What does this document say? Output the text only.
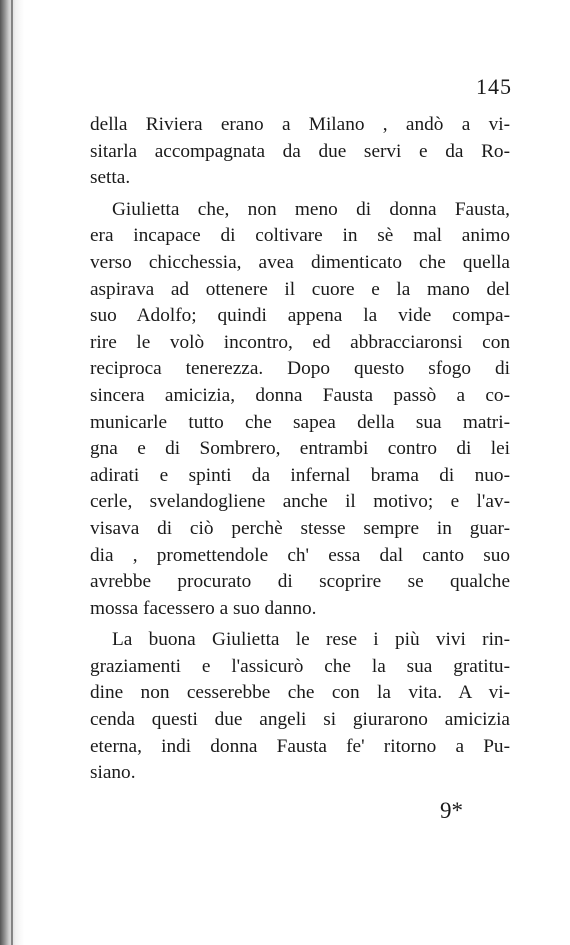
145
della Riviera erano a Milano , andò a vi-
sitarla accompagnata da due servi e da Ro-
setta.
Giulietta che, non meno di donna Fausta,
era incapace di coltivare in sè mal animo
verso chicchessia, avea dimenticato che quella
aspirava ad ottenere il cuore e la mano del
suo Adolfo; quindi appena la vide compa-
rire le volò incontro, ed abbracciaronsi con
reciproca tenerezza. Dopo questo sfogo di
sincera amicizia, donna Fausta passò a co-
municarle tutto che sapea della sua matri-
gna e di Sombrero, entrambi contro di lei
adirati e spinti da infernal brama di nuo-
cerle, svelandogliene anche il motivo; e l'av-
visava di ciò perchè stesse sempre in guar-
dia , promettendole ch' essa dal canto suo
avrebbe procurato di scoprire se qualche
mossa facessero a suo danno.
La buona Giulietta le rese i più vivi rin-
graziamenti e l'assicurò che la sua gratitu-
dine non cesserebbe che con la vita. A vi-
cenda questi due angeli si giurarono amicizia
eterna, indi donna Fausta fe' ritorno a Pu-
siano.
9*
